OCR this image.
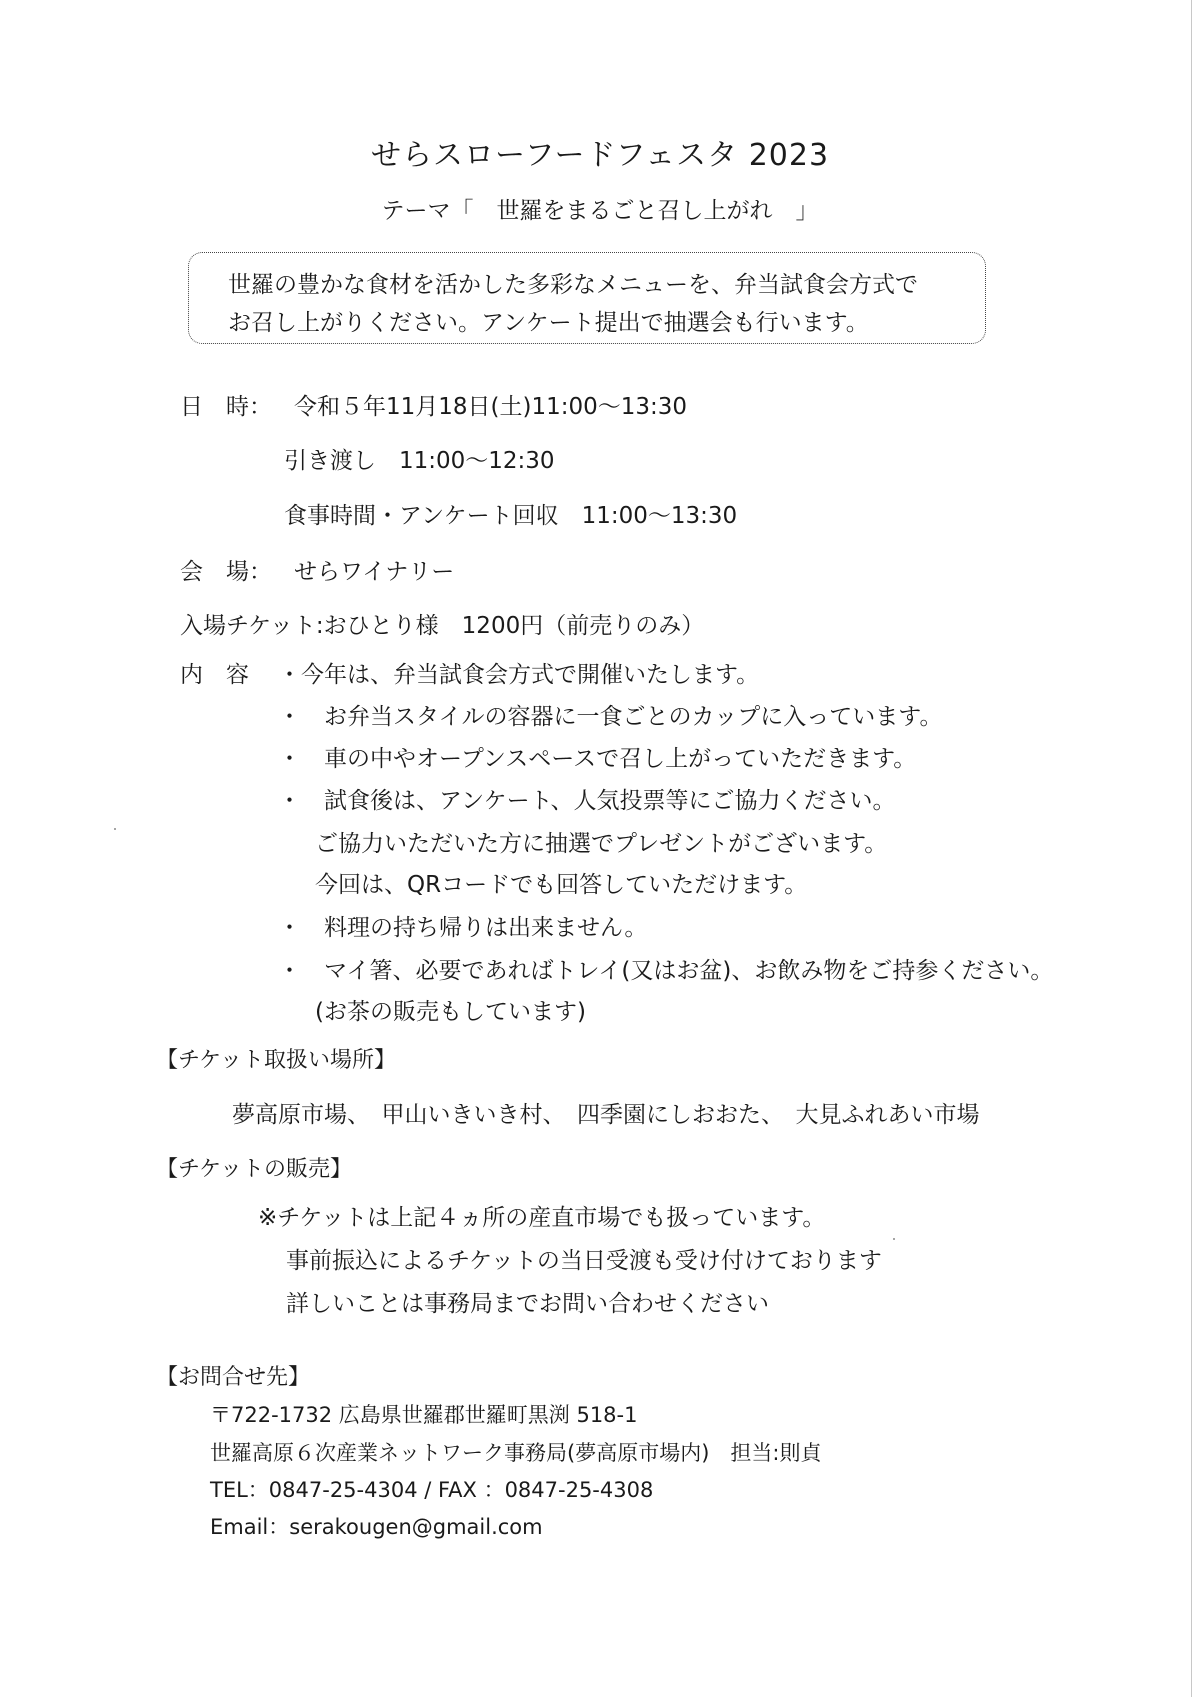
せらスローフードフェスタ 2023
テーマ「　世羅をまるごと召し上がれ　」
世羅の豊かな食材を活かした多彩なメニューを、弁当試食会方式で
お召し上がりください。アンケート提出で抽選会も行います。
日　時： 令和５年11月18日(土)11:00～13:30
引き渡し　11:00～12:30
食事時間・アンケート回収　11:00～13:30
会　場： せらワイナリー
入場チケット:おひとり様　1200円（前売りのみ）
内　容 ・今年は、弁当試食会方式で開催いたします。
・　お弁当スタイルの容器に一食ごとのカップに入っています。
・　車の中やオープンスペースで召し上がっていただきます。
・　試食後は、アンケート、人気投票等にご協力ください。
ご協力いただいた方に抽選でプレゼントがございます。
今回は、QRコードでも回答していただけます。
・　料理の持ち帰りは出来ません。
・　マイ箸、必要であればトレイ(又はお盆)、お飲み物をご持参ください。
(お茶の販売もしています)
【チケット取扱い場所】
夢高原市場、　甲山いきいき村、　四季園にしおおた、　大見ふれあい市場
【チケットの販売】
※チケットは上記４ヵ所の産直市場でも扱っています。
事前振込によるチケットの当日受渡も受け付けております
詳しいことは事務局までお問い合わせください
【お問合せ先】
〒722-1732 広島県世羅郡世羅町黒渕 518-1
世羅高原６次産業ネットワーク事務局(夢高原市場内)　担当:則貞
TEL：0847-25-4304 / FAX ：0847-25-4308
Email：serakougen@gmail.com
